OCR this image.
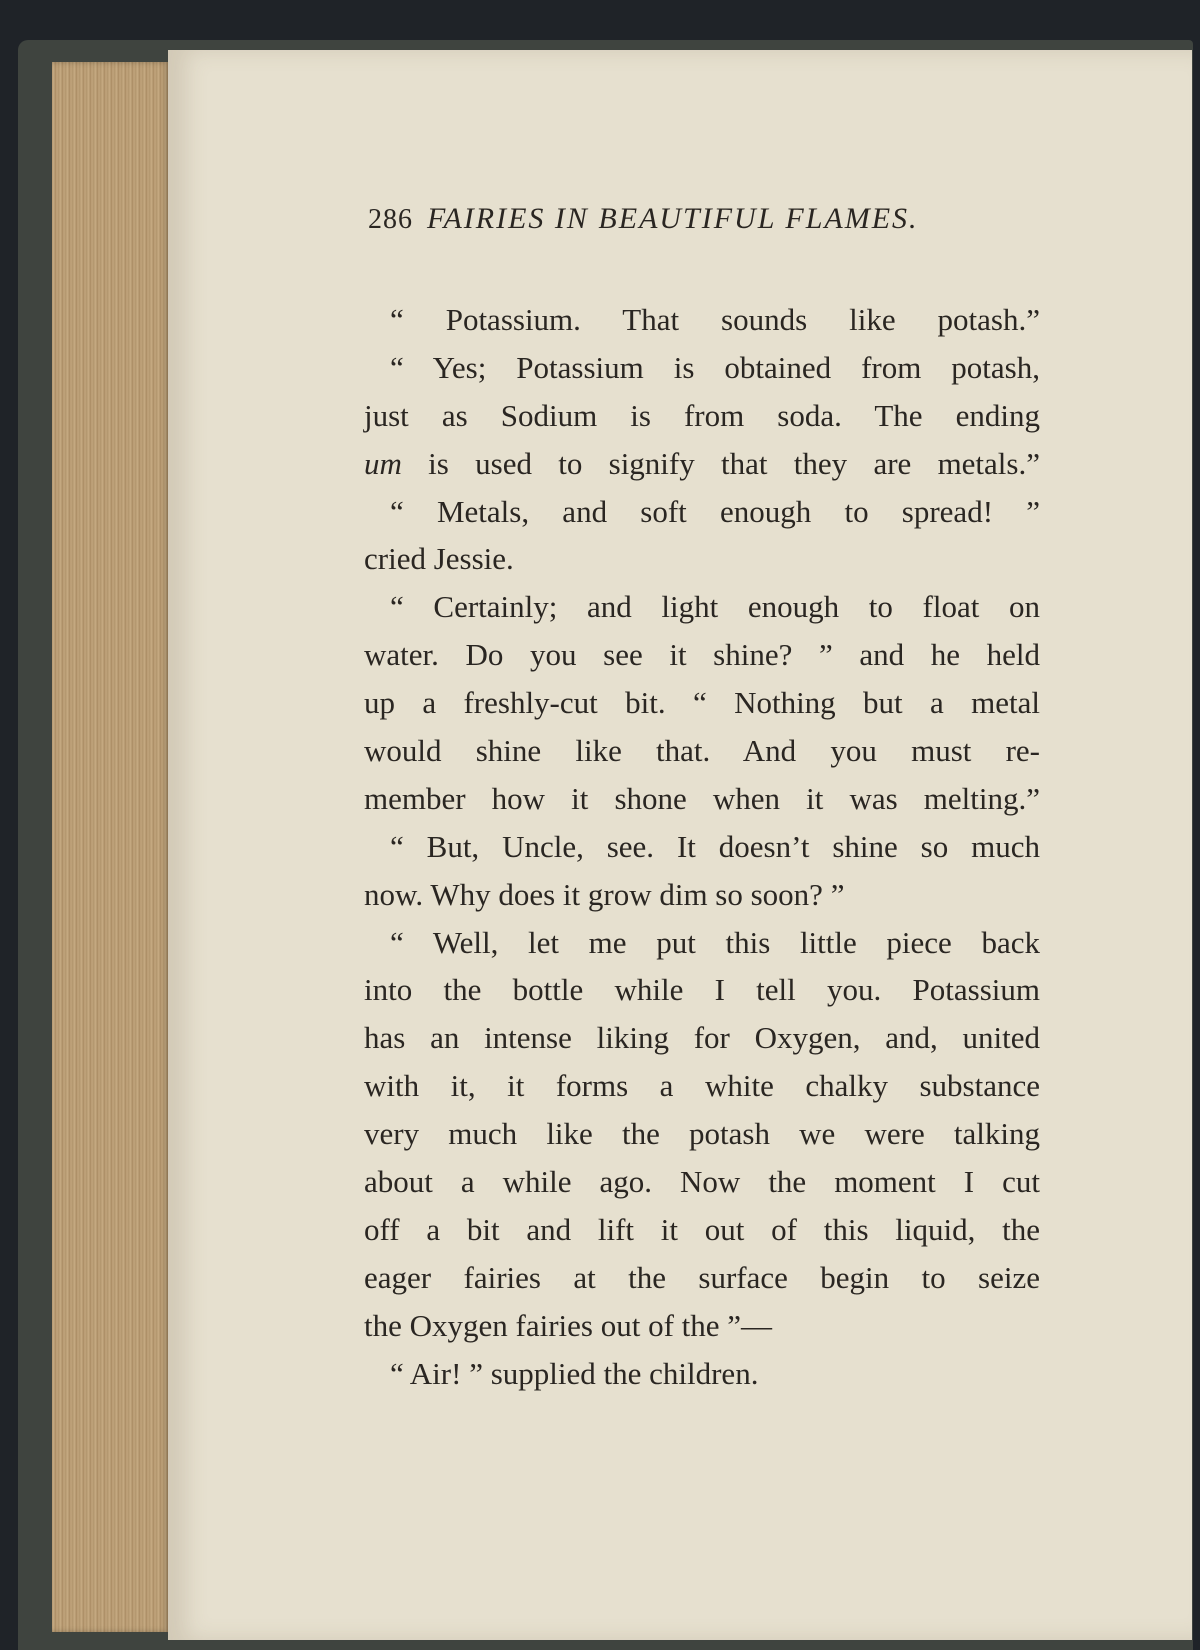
286 FAIRIES IN BEAUTIFUL FLAMES.
“ Potassium. That sounds like potash.”
“ Yes; Potassium is obtained from potash,
just as Sodium is from soda. The ending
um is used to signify that they are metals.”
“ Metals, and soft enough to spread! ”
cried Jessie.
“ Certainly; and light enough to float on
water. Do you see it shine? ” and he held
up a freshly-cut bit. “ Nothing but a metal
would shine like that. And you must re-
member how it shone when it was melting.”
“ But, Uncle, see. It doesn’t shine so much
now. Why does it grow dim so soon? ”
“ Well, let me put this little piece back
into the bottle while I tell you. Potassium
has an intense liking for Oxygen, and, united
with it, it forms a white chalky substance
very much like the potash we were talking
about a while ago. Now the moment I cut
off a bit and lift it out of this liquid, the
eager fairies at the surface begin to seize
the Oxygen fairies out of the ”—
“ Air! ” supplied the children.
